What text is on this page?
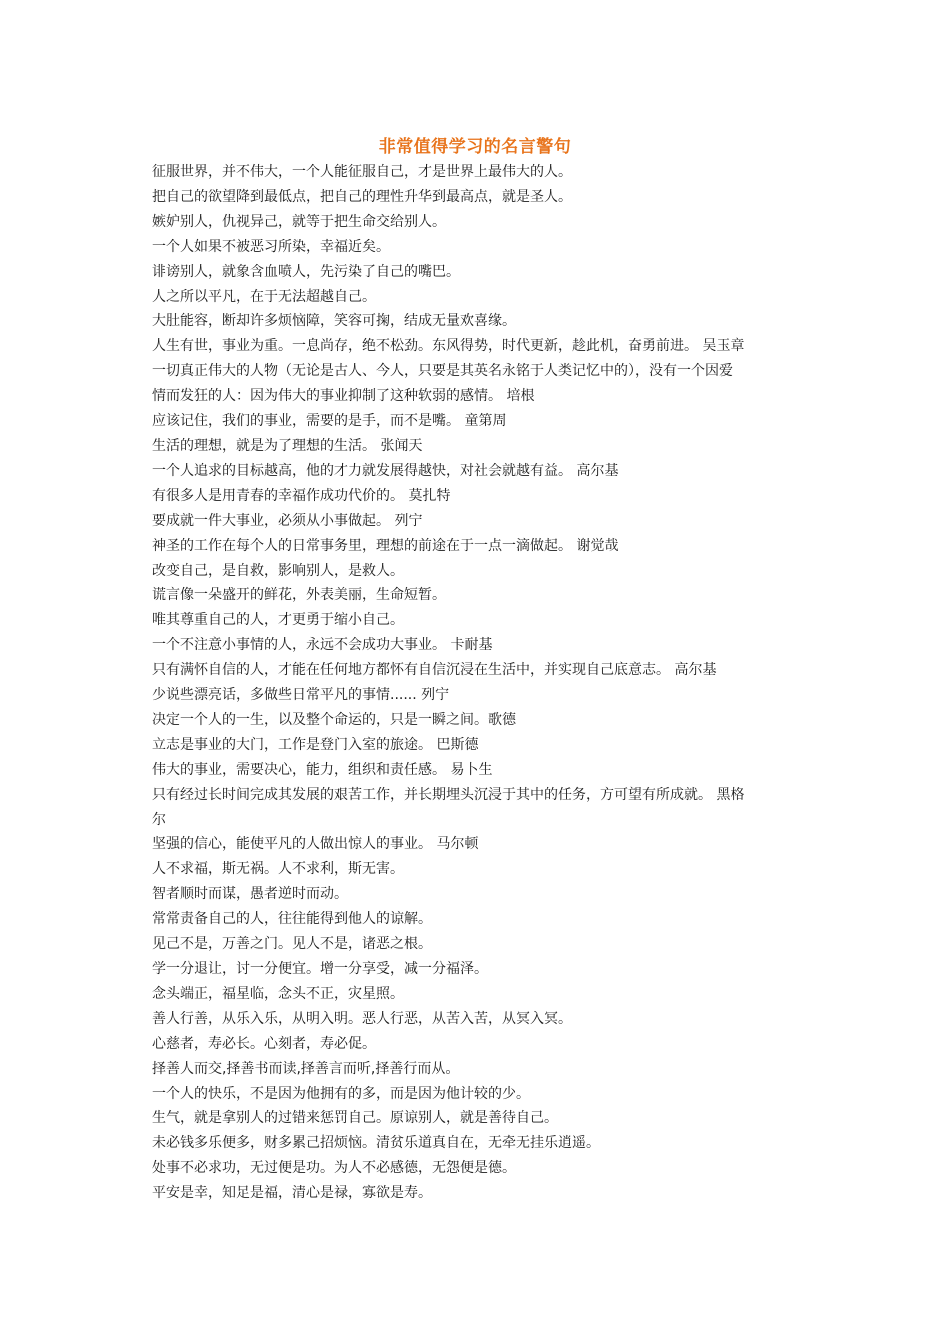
非常值得学习的名言警句
征服世界，并不伟大，一个人能征服自己，才是世界上最伟大的人。
把自己的欲望降到最低点，把自己的理性升华到最高点，就是圣人。
嫉妒别人，仇视异己，就等于把生命交给别人。
一个人如果不被恶习所染，幸福近矣。
诽谤别人，就象含血喷人，先污染了自己的嘴巴。
人之所以平凡，在于无法超越自己。
大肚能容，断却许多烦恼障，笑容可掬，结成无量欢喜缘。
人生有世，事业为重。一息尚存，绝不松劲。东风得势，时代更新，趁此机，奋勇前进。 吴玉章
一切真正伟大的人物（无论是古人、今人，只要是其英名永铭于人类记忆中的），没有一个因爱
情而发狂的人：因为伟大的事业抑制了这种软弱的感情。 培根
应该记住，我们的事业，需要的是手，而不是嘴。 童第周
生活的理想，就是为了理想的生活。 张闻天
一个人追求的目标越高，他的才力就发展得越快，对社会就越有益。 高尔基
有很多人是用青春的幸福作成功代价的。 莫扎特
要成就一件大事业，必须从小事做起。 列宁
神圣的工作在每个人的日常事务里，理想的前途在于一点一滴做起。 谢觉哉
改变自己，是自救，影响别人，是救人。
谎言像一朵盛开的鲜花，外表美丽，生命短暂。
唯其尊重自己的人，才更勇于缩小自己。
一个不注意小事情的人，永远不会成功大事业。 卡耐基
只有满怀自信的人，才能在任何地方都怀有自信沉浸在生活中，并实现自己底意志。 高尔基
少说些漂亮话，多做些日常平凡的事情...... 列宁
决定一个人的一生，以及整个命运的，只是一瞬之间。歌德
立志是事业的大门，工作是登门入室的旅途。 巴斯德
伟大的事业，需要决心，能力，组织和责任感。 易卜生
只有经过长时间完成其发展的艰苦工作，并长期埋头沉浸于其中的任务，方可望有所成就。 黑格
尔
坚强的信心，能使平凡的人做出惊人的事业。 马尔顿
人不求福，斯无祸。人不求利，斯无害。
智者顺时而谋，愚者逆时而动。
常常责备自己的人，往往能得到他人的谅解。
见己不是，万善之门。见人不是，诸恶之根。
学一分退让，讨一分便宜。增一分享受，减一分福泽。
念头端正，福星临，念头不正，灾星照。
善人行善，从乐入乐，从明入明。恶人行恶，从苦入苦，从冥入冥。
心慈者，寿必长。心刻者，寿必促。
择善人而交,择善书而读,择善言而听,择善行而从。
一个人的快乐，不是因为他拥有的多，而是因为他计较的少。
生气，就是拿别人的过错来惩罚自己。原谅别人，就是善待自己。
未必钱多乐便多，财多累己招烦恼。清贫乐道真自在，无牵无挂乐逍遥。
处事不必求功，无过便是功。为人不必感德，无怨便是德。
平安是幸，知足是福，清心是禄，寡欲是寿。
